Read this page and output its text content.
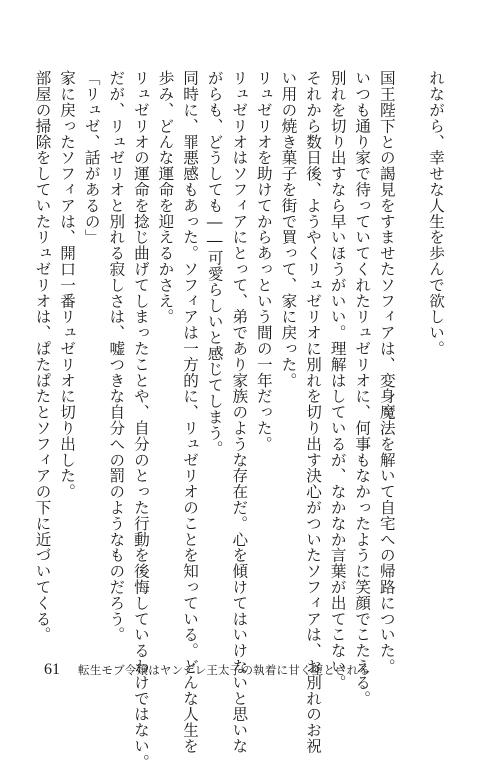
れながら、幸せな人生を歩んで欲しい。
国王陛下との謁見をすませたソフィアは、変身魔法を解いて自宅への帰路についた。
いつも通り家で待っていてくれたリュゼリオに、何事もなかったように笑顔でこたえる。
別れを切り出すなら早いほうがいい。理解はしているが、なかなか言葉が出てこない。
それから数日後、ようやくリュゼリオに別れを切り出す決心がついたソフィアは、お別れのお祝
い用の焼き菓子を街で買って、家に戻った。
リュゼリオを助けてからあっという間の一年だった。
リュゼリオはソフィアにとって、弟であり家族のような存在だ。心を傾けてはいけないと思いな
がらも、どうしても――可愛らしいと感じてしまう。
同時に、罪悪感もあった。ソフィアは一方的に、リュゼリオのことを知っている。どんな人生を
歩み、どんな運命を迎えるかさえ。
リュゼリオの運命を捻じ曲げてしまったことや、自分のとった行動を後悔しているわけではない。
だが、リュゼリオと別れる寂しさは、嘘つきな自分への罰のようなものだろう。
「リュゼ、話があるの」
家に戻ったソフィアは、開口一番リュゼリオに切り出した。
部屋の掃除をしていたリュゼリオは、ぱたぱたとソフィアの下に近づいてくる。
61 転生モブ令嬢はヤンデレ王太子の執着に甘く堕とされる
